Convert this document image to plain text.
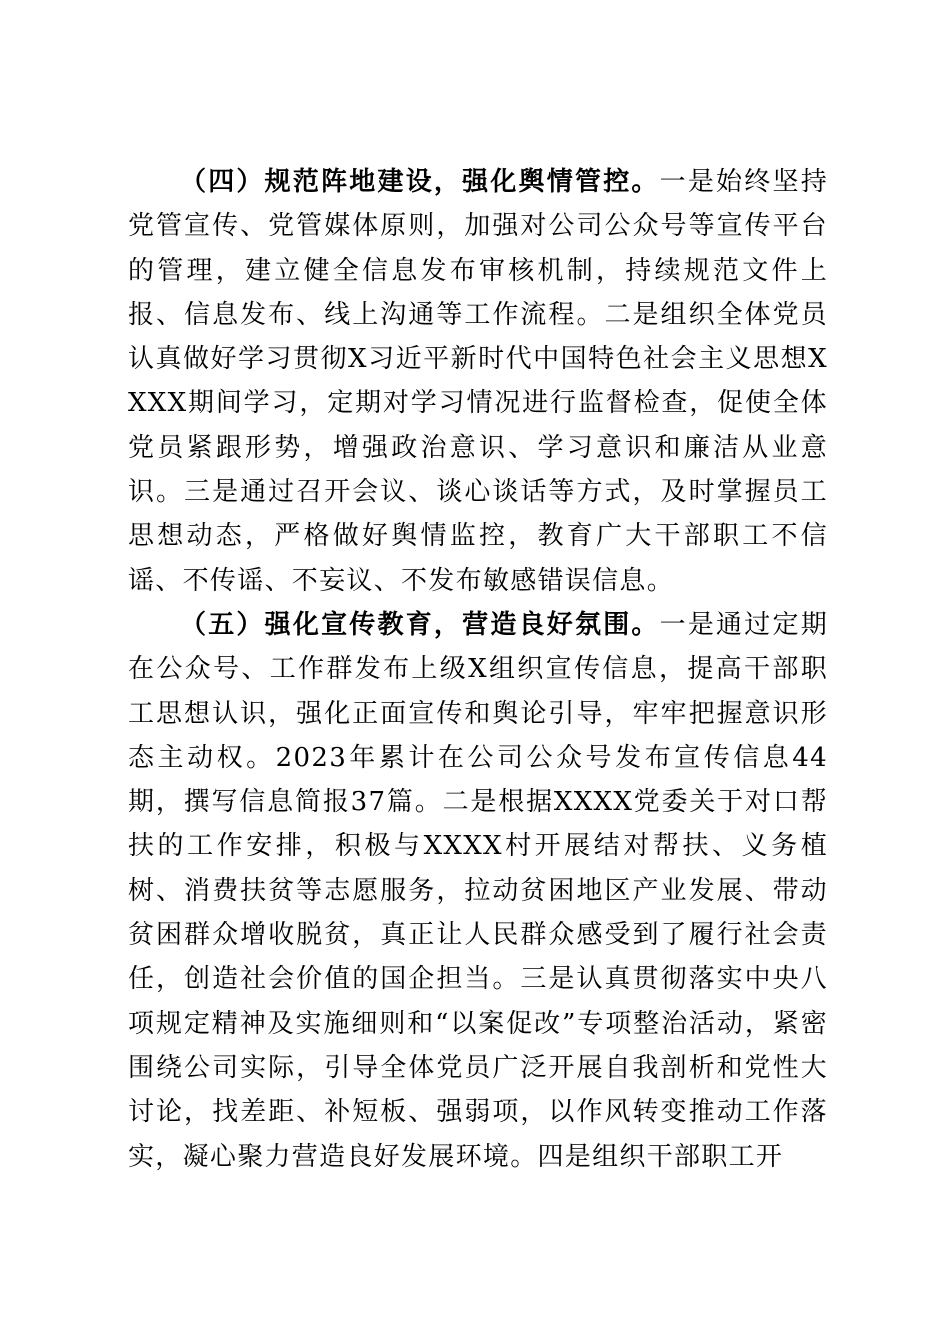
（四）规范阵地建设，强化舆情管控。一是始终坚持党管宣传、党管媒体原则，加强对公司公众号等宣传平台的管理，建立健全信息发布审核机制，持续规范文件上报、信息发布、线上沟通等工作流程。二是组织全体党员认真做好学习贯彻X习近平新时代中国特色社会主义思想XXXX期间学习，定期对学习情况进行监督检查，促使全体党员紧跟形势，增强政治意识、学习意识和廉洁从业意识。三是通过召开会议、谈心谈话等方式，及时掌握员工思想动态，严格做好舆情监控，教育广大干部职工不信谣、不传谣、不妄议、不发布敏感错误信息。

（五）强化宣传教育，营造良好氛围。一是通过定期在公众号、工作群发布上级X组织宣传信息，提高干部职工思想认识，强化正面宣传和舆论引导，牢牢把握意识形态主动权。2023年累计在公司公众号发布宣传信息44期，撰写信息简报37篇。二是根据XXXX党委关于对口帮扶的工作安排，积极与XXXX村开展结对帮扶、义务植树、消费扶贫等志愿服务，拉动贫困地区产业发展、带动贫困群众增收脱贫，真正让人民群众感受到了履行社会责任，创造社会价值的国企担当。三是认真贯彻落实中央八项规定精神及实施细则和“以案促改”专项整治活动，紧密围绕公司实际，引导全体党员广泛开展自我剖析和党性大讨论，找差距、补短板、强弱项，以作风转变推动工作落实，凝心聚力营造良好发展环境。四是组织干部职工开
